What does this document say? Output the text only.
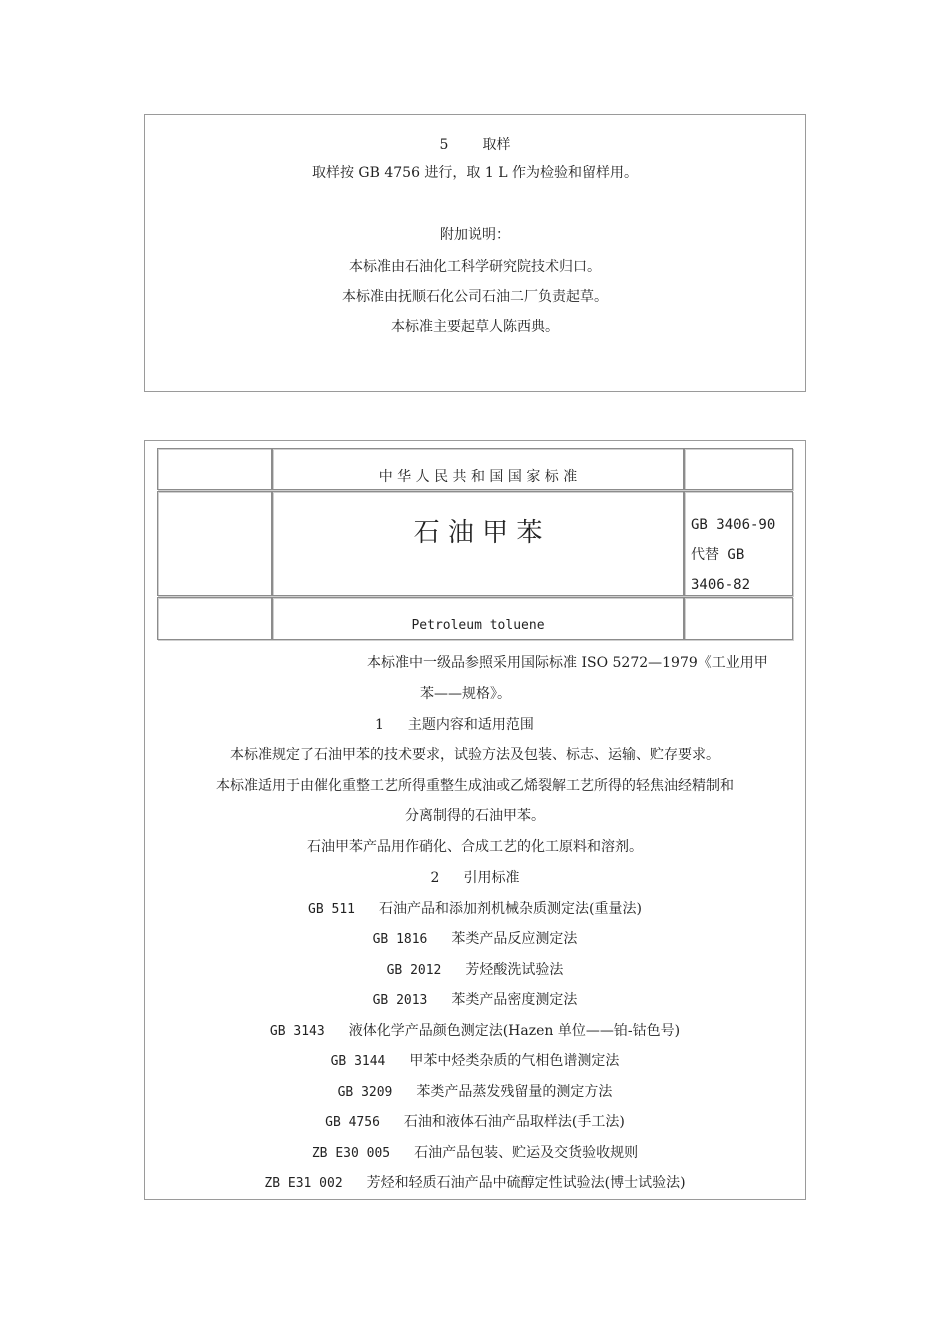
5 取样
取样按 GB 4756 进行，取 1 L 作为检验和留样用。
附加说明：
本标准由石油化工科学研究院技术归口。
本标准由抚顺石化公司石油二厂负责起草。
本标准主要起草人陈西典。
中 华 人 民 共 和 国 国 家 标 准
石 油 甲 苯	GB 3406-90
代替 GB
3406-82
Petroleum toluene
本标准中一级品参照采用国际标准 ISO 5272—1979《工业用甲
苯——规格》。
1 主题内容和适用范围
本标准规定了石油甲苯的技术要求，试验方法及包装、标志、运输、贮存要求。
本标准适用于由催化重整工艺所得重整生成油或乙烯裂解工艺所得的轻焦油经精制和
分离制得的石油甲苯。
石油甲苯产品用作硝化、合成工艺的化工原料和溶剂。
2 引用标准
GB 511 石油产品和添加剂机械杂质测定法(重量法)
GB 1816 苯类产品反应测定法
GB 2012 芳烃酸洗试验法
GB 2013 苯类产品密度测定法
GB 3143 液体化学产品颜色测定法(Hazen 单位——铂-钴色号)
GB 3144 甲苯中烃类杂质的气相色谱测定法
GB 3209 苯类产品蒸发残留量的测定方法
GB 4756 石油和液体石油产品取样法(手工法)
ZB E30 005 石油产品包装、贮运及交货验收规则
ZB E31 002 芳烃和轻质石油产品中硫醇定性试验法(博士试验法)
